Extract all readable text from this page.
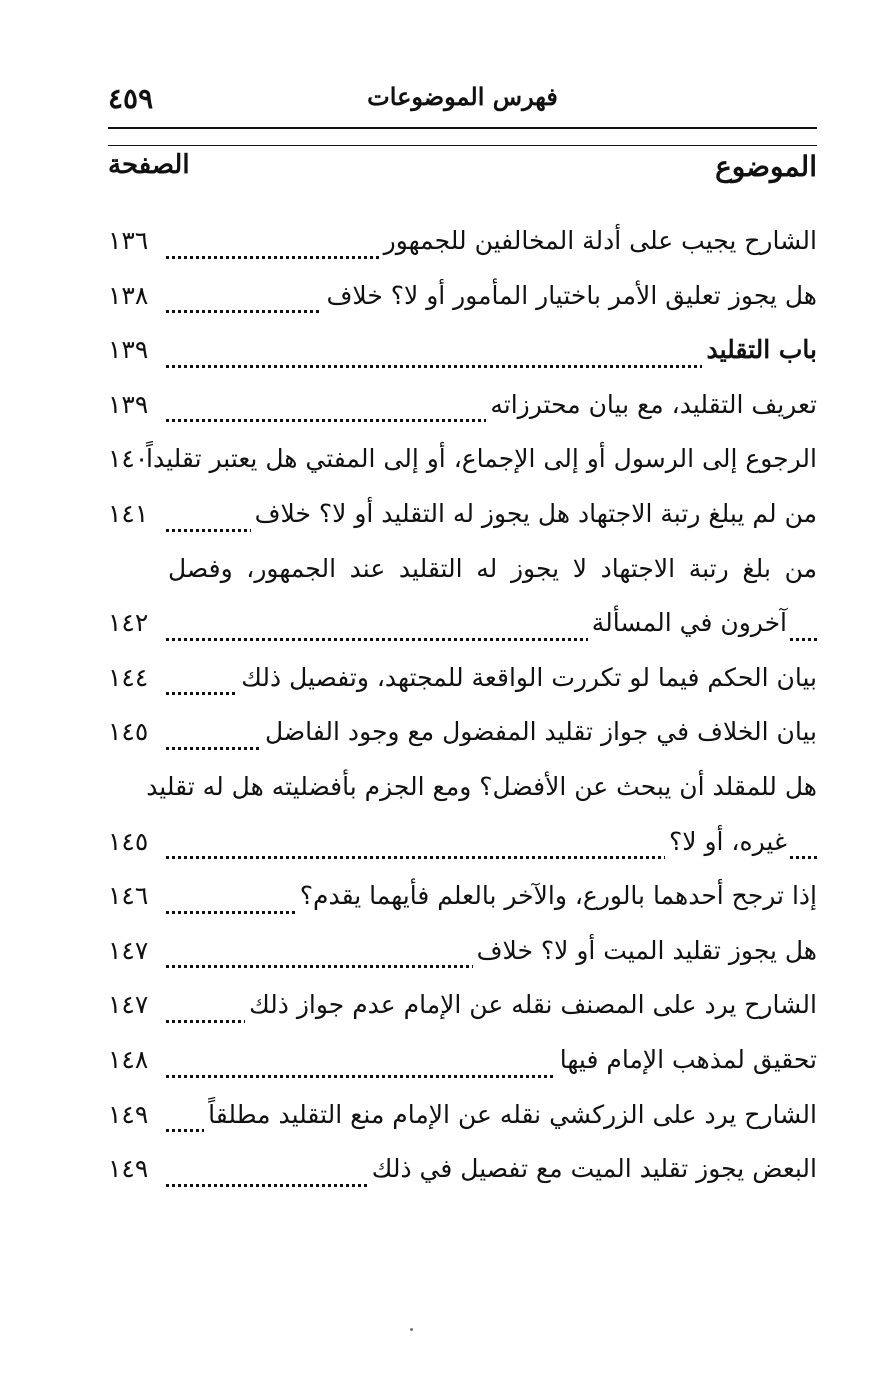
فهرس الموضوعات
٤٥٩
الموضوع
الصفحة
الشارح يجيب على أدلة المخالفين للجمهور
١٣٦
هل يجوز تعليق الأمر باختيار المأمور أو لا؟ خلاف
١٣٨
باب التقليد
١٣٩
تعريف التقليد، مع بيان محترزاته
١٣٩
الرجوع إلى الرسول أو إلى الإجماع، أو إلى المفتي هل يعتبر تقليداً
١٤٠
من لم يبلغ رتبة الاجتهاد هل يجوز له التقليد أو لا؟ خلاف
١٤١
من بلغ رتبة الاجتهاد لا يجوز له التقليد عند الجمهور، وفصل
آخرون في المسألة
١٤٢
بيان الحكم فيما لو تكررت الواقعة للمجتهد، وتفصيل ذلك
١٤٤
بيان الخلاف في جواز تقليد المفضول مع وجود الفاضل
١٤٥
هل للمقلد أن يبحث عن الأفضل؟ ومع الجزم بأفضليته هل له تقليد
غيره، أو لا؟
١٤٥
إذا ترجح أحدهما بالورع، والآخر بالعلم فأيهما يقدم؟
١٤٦
هل يجوز تقليد الميت أو لا؟ خلاف
١٤٧
الشارح يرد على المصنف نقله عن الإمام عدم جواز ذلك
١٤٧
تحقيق لمذهب الإمام فيها
١٤٨
الشارح يرد على الزركشي نقله عن الإمام منع التقليد مطلقاً
١٤٩
البعض يجوز تقليد الميت مع تفصيل في ذلك
١٤٩
